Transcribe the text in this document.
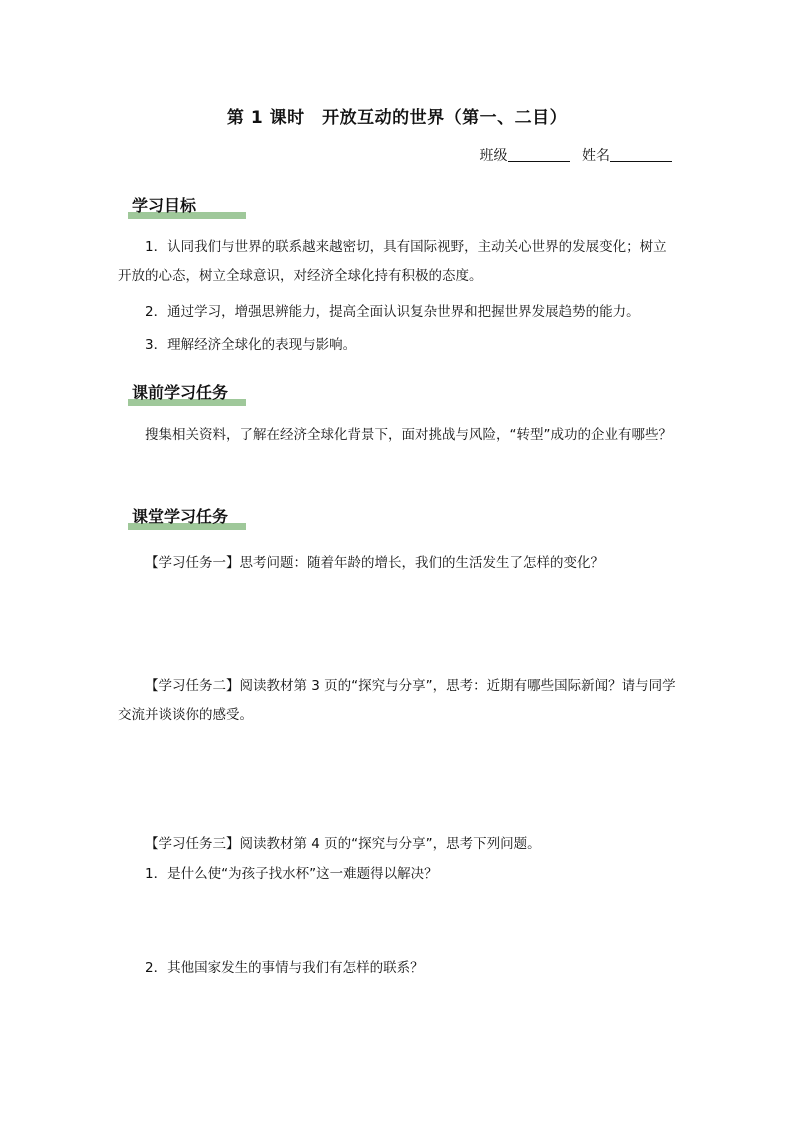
第 1 课时　开放互动的世界（第一、二目）
班级	姓名
学习目标

1．认同我们与世界的联系越来越密切，具有国际视野，主动关心世界的发展变化；树立开放的心态，树立全球意识，对经济全球化持有积极的态度。

2．通过学习，增强思辨能力，提高全面认识复杂世界和把握世界发展趋势的能力。

3．理解经济全球化的表现与影响。

课前学习任务

搜集相关资料，了解在经济全球化背景下，面对挑战与风险，“转型”成功的企业有哪些？

课堂学习任务

【学习任务一】思考问题：随着年龄的增长，我们的生活发生了怎样的变化？

【学习任务二】阅读教材第 3 页的“探究与分享”，思考：近期有哪些国际新闻？请与同学交流并谈谈你的感受。

【学习任务三】阅读教材第 4 页的“探究与分享”，思考下列问题。

1．是什么使“为孩子找水杯”这一难题得以解决？

2．其他国家发生的事情与我们有怎样的联系？
